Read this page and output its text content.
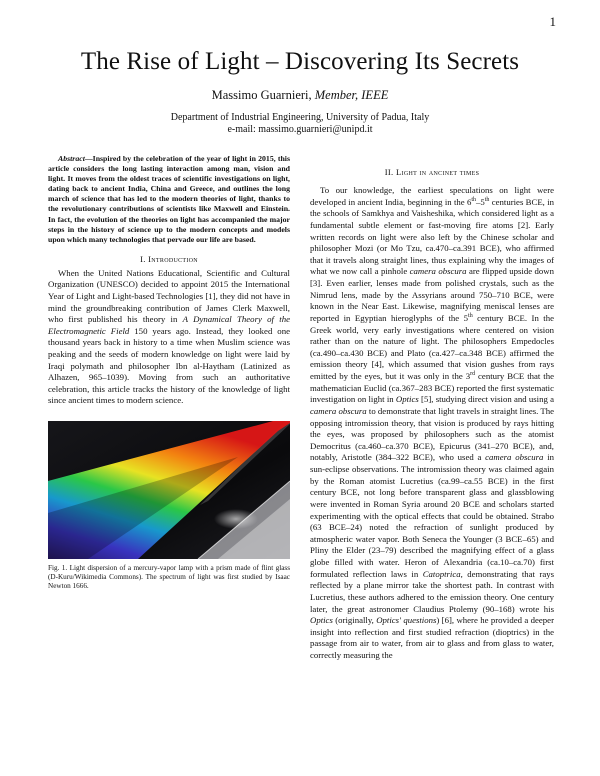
1
The Rise of Light – Discovering Its Secrets
Massimo Guarnieri, Member, IEEE
Department of Industrial Engineering, University of Padua, Italy
e-mail: massimo.guarnieri@unipd.it

Abstract—Inspired by the celebration of the year of light in 2015, this article considers the long lasting interaction among man, vision and light. It moves from the oldest traces of scientific investigations on light, dating back to ancient India, China and Greece, and outlines the long march of science that has led to the modern theories of light, thanks to the revolutionary contributions of scientists like Maxwell and Einstein. In fact, the evolution of the theories on light has accompanied the major steps in the history of science up to the modern concepts and models upon which many technologies that pervade our life are based.

I. Introduction

When the United Nations Educational, Scientific and Cultural Organization (UNESCO) decided to appoint 2015 the International Year of Light and Light-based Technologies [1], they did not have in mind the groundbreaking contribution of James Clerk Maxwell, who first published his theory in A Dynamical Theory of the Electromagnetic Field 150 years ago. Instead, they looked one thousand years back in history to a time when Muslim science was peaking and the seeds of modern knowledge on light were laid by Iraqi polymath and philosopher Ibn al-Haytham (Latinized as Alhazen, 965–1039). Moving from such an authoritative celebration, this article tracks the history of the knowledge of light since ancient times to modern science.

Fig. 1. Light dispersion of a mercury-vapor lamp with a prism made of flint glass (D-Kuru/Wikimedia Commons). The spectrum of light was first studied by Isaac Newton 1666.
II. Light in ancinet times

To our knowledge, the earliest speculations on light were developed in ancient India, beginning in the 6th–5th centuries BCE, in the schools of Samkhya and Vaisheshika, which considered light as a fundamental subtle element or fast-moving fire atoms [2]. Early written records on light were also left by the Chinese scholar and philosopher Mozi (or Mo Tzu, ca.470–ca.391 BCE), who affirmed that it travels along straight lines, thus explaining why the images of what we now call a pinhole camera obscura are flipped upside down [3]. Even earlier, lenses made from polished crystals, such as the Nimrud lens, made by the Assyrians around 750–710 BCE, were known in the Near East. Likewise, magnifying meniscal lenses are reported in Egyptian hieroglyphs of the 5th century BCE. In the Greek world, very early investigations where centered on vision rather than on the nature of light. The philosophers Empedocles (ca.490–ca.430 BCE) and Plato (ca.427–ca.348 BCE) affirmed the emission theory [4], which assumed that vision gushes from rays emitted by the eyes, but it was only in the 3rd century BCE that the mathematician Euclid (ca.367–283 BCE) reported the first systematic investigation on light in Optics [5], studying direct vision and using a camera obscura to demonstrate that light travels in straight lines. The opposing intromission theory, that vision is produced by rays hitting the eyes, was proposed by philosophers such as the atomist Democritus (ca.460–ca.370 BCE), Epicurus (341–270 BCE), and, notably, Aristotle (384–322 BCE), who used a camera obscura in sun-eclipse observations. The intromission theory was claimed again by the Roman atomist Lucretius (ca.99–ca.55 BCE) in the first century BCE, not long before transparent glass and glassblowing were invented in Roman Syria around 20 BCE and scholars started experimenting with the optical effects that could be obtained. Strabo (63 BCE–24) noted the refraction of sunlight produced by atmospheric water vapor. Both Seneca the Younger (3 BCE–65) and Pliny the Elder (23–79) described the magnifying effect of a glass globe filled with water. Heron of Alexandria (ca.10–ca.70) first formulated reflection laws in Catoptrica, demonstrating that rays reflected by a plane mirror take the shortest path. In contrast with Lucretius, these authors adhered to the emission theory. One century later, the great astronomer Claudius Ptolemy (90–168) wrote his Optics (originally, Optics' questions) [6], where he provided a deeper insight into reflection and first studied refraction (dioptrics) in the passage from air to water, from air to glass and from glass to water, correctly measuring the
